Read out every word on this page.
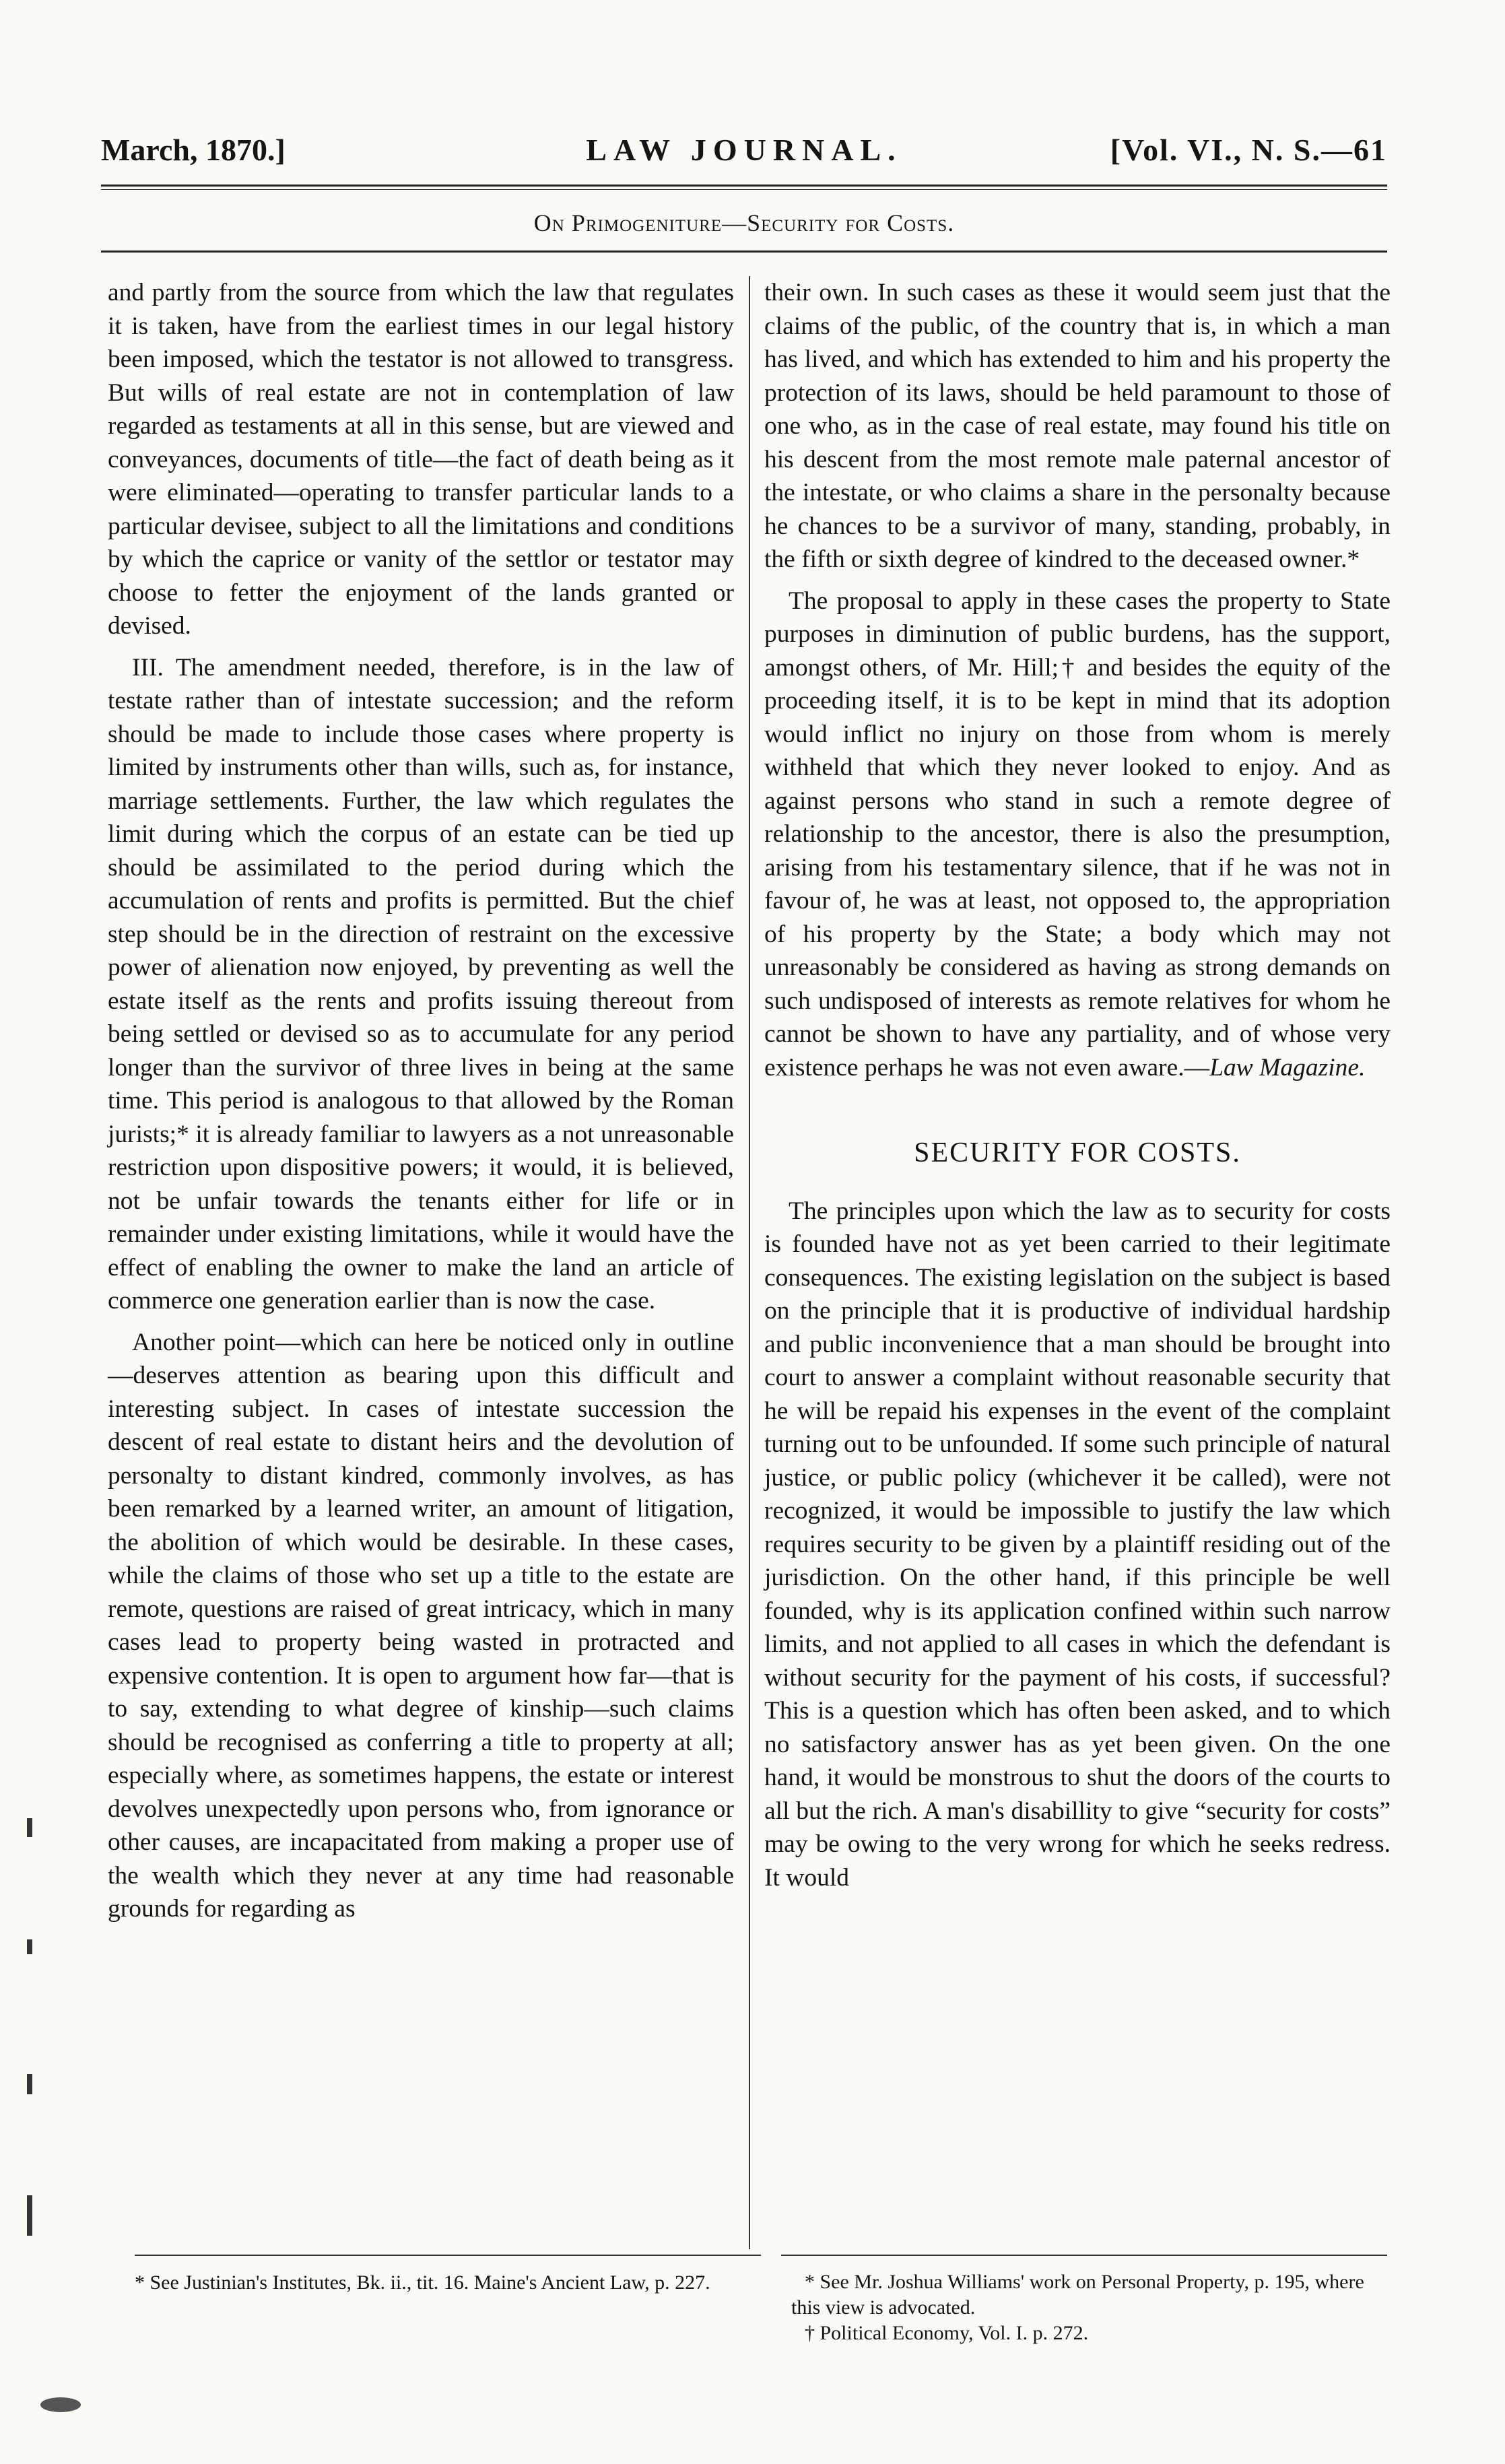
March, 1870.]	LAW JOURNAL.	[Vol. VI., N. S.—61
On Primogeniture—Security for Costs.

and partly from the source from which the law that regulates it is taken, have from the earliest times in our legal history been imposed, which the testator is not allowed to transgress. But wills of real estate are not in contemplation of law regarded as testaments at all in this sense, but are viewed and conveyances, documents of title—the fact of death being as it were eliminated—operating to transfer particular lands to a particular devisee, subject to all the limitations and conditions by which the caprice or vanity of the settlor or testator may choose to fetter the enjoyment of the lands granted or devised.

III. The amendment needed, therefore, is in the law of testate rather than of intestate succession; and the reform should be made to include those cases where property is limited by instruments other than wills, such as, for instance, marriage settlements. Further, the law which regulates the limit during which the corpus of an estate can be tied up should be assimilated to the period during which the accumulation of rents and profits is permitted. But the chief step should be in the direction of restraint on the excessive power of alienation now enjoyed, by preventing as well the estate itself as the rents and profits issuing thereout from being settled or devised so as to accumulate for any period longer than the survivor of three lives in being at the same time. This period is analogous to that allowed by the Roman jurists;* it is already familiar to lawyers as a not unreasonable restriction upon dispositive powers; it would, it is believed, not be unfair towards the tenants either for life or in remainder under existing limitations, while it would have the effect of enabling the owner to make the land an article of commerce one generation earlier than is now the case.

Another point—which can here be noticed only in outline—deserves attention as bearing upon this difficult and interesting subject. In cases of intestate succession the descent of real estate to distant heirs and the devolution of personalty to distant kindred, commonly involves, as has been remarked by a learned writer, an amount of litigation, the abolition of which would be desirable. In these cases, while the claims of those who set up a title to the estate are remote, questions are raised of great intricacy, which in many cases lead to property being wasted in protracted and expensive contention. It is open to argument how far—that is to say, extending to what degree of kinship—such claims should be recognised as conferring a title to property at all; especially where, as sometimes happens, the estate or interest devolves unexpectedly upon persons who, from ignorance or other causes, are incapacitated from making a proper use of the wealth which they never at any time had reasonable grounds for regarding as

their own. In such cases as these it would seem just that the claims of the public, of the country that is, in which a man has lived, and which has extended to him and his property the protection of its laws, should be held paramount to those of one who, as in the case of real estate, may found his title on his descent from the most remote male paternal ancestor of the intestate, or who claims a share in the personalty because he chances to be a survivor of many, standing, probably, in the fifth or sixth degree of kindred to the deceased owner.*

The proposal to apply in these cases the property to State purposes in diminution of public burdens, has the support, amongst others, of Mr. Hill;† and besides the equity of the proceeding itself, it is to be kept in mind that its adoption would inflict no injury on those from whom is merely withheld that which they never looked to enjoy. And as against persons who stand in such a remote degree of relationship to the ancestor, there is also the presumption, arising from his testamentary silence, that if he was not in favour of, he was at least, not opposed to, the appropriation of his property by the State; a body which may not unreasonably be considered as having as strong demands on such undisposed of interests as remote relatives for whom he cannot be shown to have any partiality, and of whose very existence perhaps he was not even aware.—Law Magazine.

SECURITY FOR COSTS.

The principles upon which the law as to security for costs is founded have not as yet been carried to their legitimate consequences. The existing legislation on the subject is based on the principle that it is productive of individual hardship and public inconvenience that a man should be brought into court to answer a complaint without reasonable security that he will be repaid his expenses in the event of the complaint turning out to be unfounded. If some such principle of natural justice, or public policy (whichever it be called), were not recognized, it would be impossible to justify the law which requires security to be given by a plaintiff residing out of the jurisdiction. On the other hand, if this principle be well founded, why is its application confined within such narrow limits, and not applied to all cases in which the defendant is without security for the payment of his costs, if successful? This is a question which has often been asked, and to which no satisfactory answer has as yet been given. On the one hand, it would be monstrous to shut the doors of the courts to all but the rich. A man's disabillity to give “security for costs” may be owing to the very wrong for which he seeks redress. It would

* See Justinian's Institutes, Bk. ii., tit. 16. Maine's Ancient Law, p. 227.	* See Mr. Joshua Williams' work on Personal Property, p. 195, where this view is advocated.

† Political Economy, Vol. I. p. 272.
